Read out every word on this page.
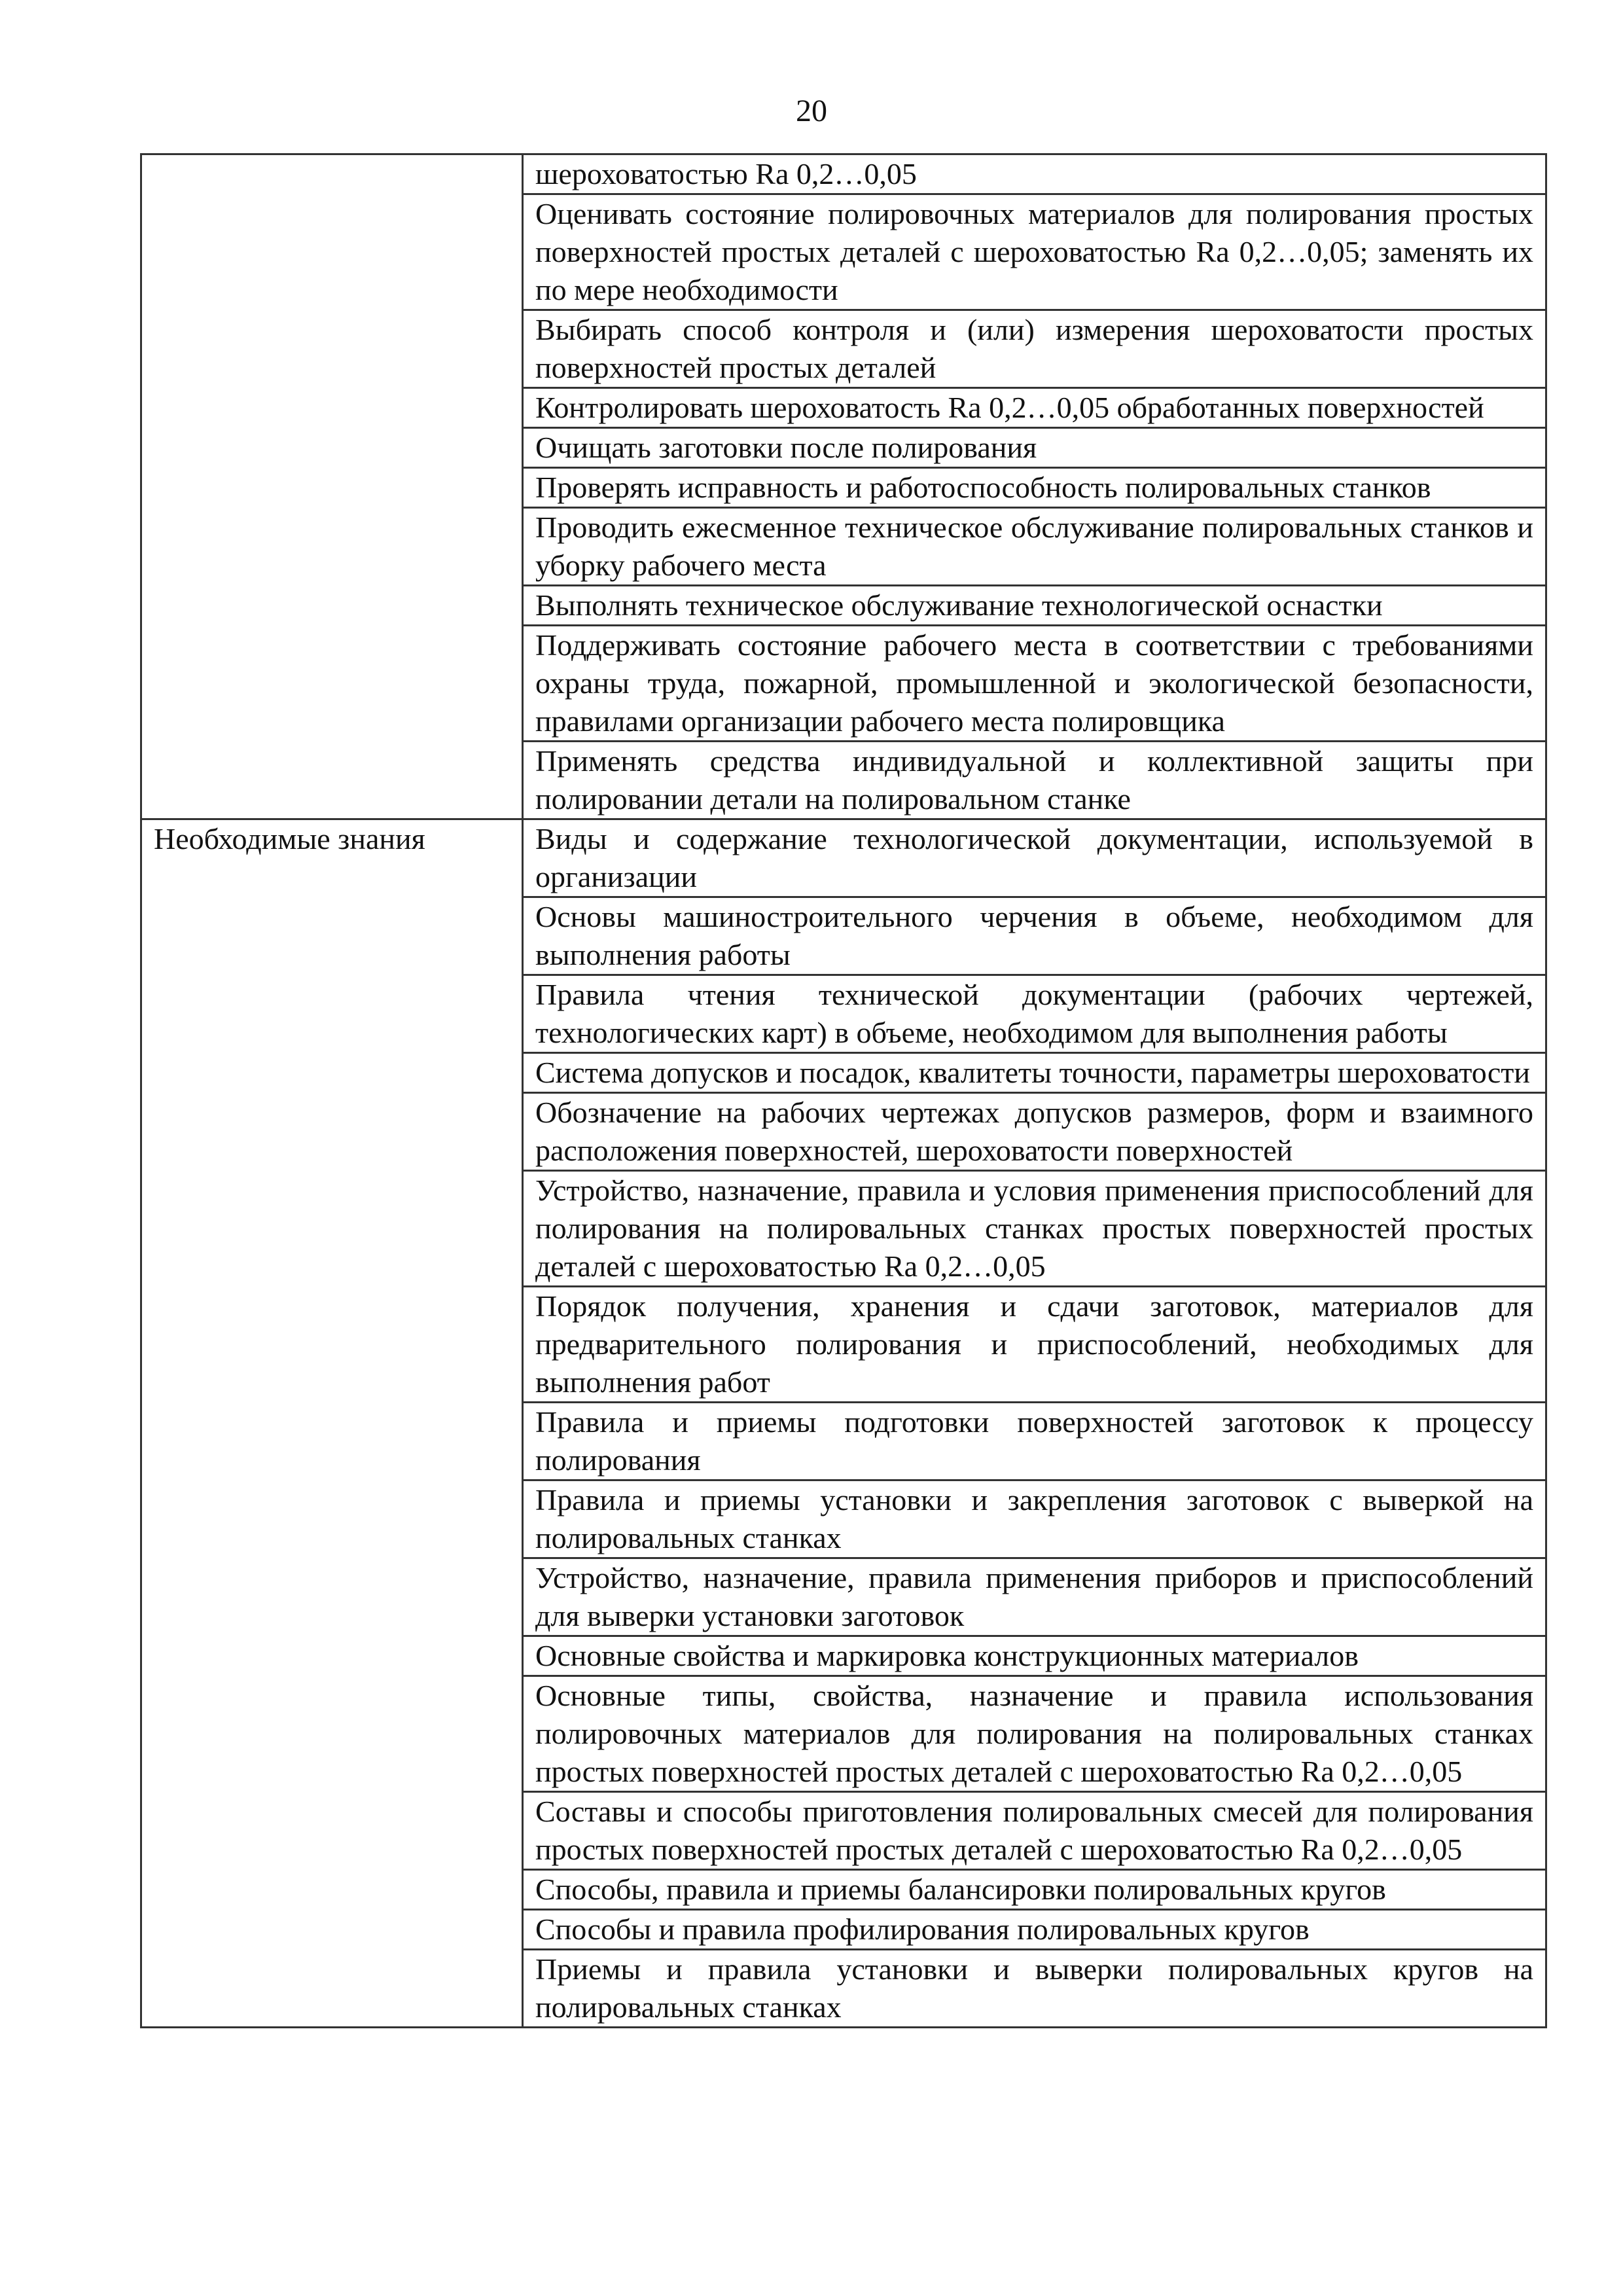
20
	шероховатостью Ra 0,2…0,05
	Оценивать состояние полировочных материалов для полирования простых поверхностей простых деталей с шероховатостью Ra 0,2…0,05; заменять их по мере необходимости
	Выбирать способ контроля и (или) измерения шероховатости простых поверхностей простых деталей
	Контролировать шероховатость Ra 0,2…0,05 обработанных поверхностей
	Очищать заготовки после полирования
	Проверять исправность и работоспособность полировальных станков
	Проводить ежесменное техническое обслуживание полировальных станков и уборку рабочего места
	Выполнять техническое обслуживание технологической оснастки
	Поддерживать состояние рабочего места в соответствии с требованиями охраны труда, пожарной, промышленной и экологической безопасности, правилами организации рабочего места полировщика
	Применять средства индивидуальной и коллективной защиты при полировании детали на полировальном станке
Необходимые знания	Виды и содержание технологической документации, используемой в организации
	Основы машиностроительного черчения в объеме, необходимом для выполнения работы
	Правила чтения технической документации (рабочих чертежей, технологических карт) в объеме, необходимом для выполнения работы
	Система допусков и посадок, квалитеты точности, параметры шероховатости
	Обозначение на рабочих чертежах допусков размеров, форм и взаимного расположения поверхностей, шероховатости поверхностей
	Устройство, назначение, правила и условия применения приспособлений для полирования на полировальных станках простых поверхностей простых деталей с шероховатостью Ra 0,2…0,05
	Порядок получения, хранения и сдачи заготовок, материалов для предварительного полирования и приспособлений, необходимых для выполнения работ
	Правила и приемы подготовки поверхностей заготовок к процессу полирования
	Правила и приемы установки и закрепления заготовок с выверкой на полировальных станках
	Устройство, назначение, правила применения приборов и приспособлений для выверки установки заготовок
	Основные свойства и маркировка конструкционных материалов
	Основные типы, свойства, назначение и правила использования полировочных материалов для полирования на полировальных станках простых поверхностей простых деталей с шероховатостью Ra 0,2…0,05
	Составы и способы приготовления полировальных смесей для полирования простых поверхностей простых деталей с шероховатостью Ra 0,2…0,05
	Способы, правила и приемы балансировки полировальных кругов
	Способы и правила профилирования полировальных кругов
	Приемы и правила установки и выверки полировальных кругов на полировальных станках
